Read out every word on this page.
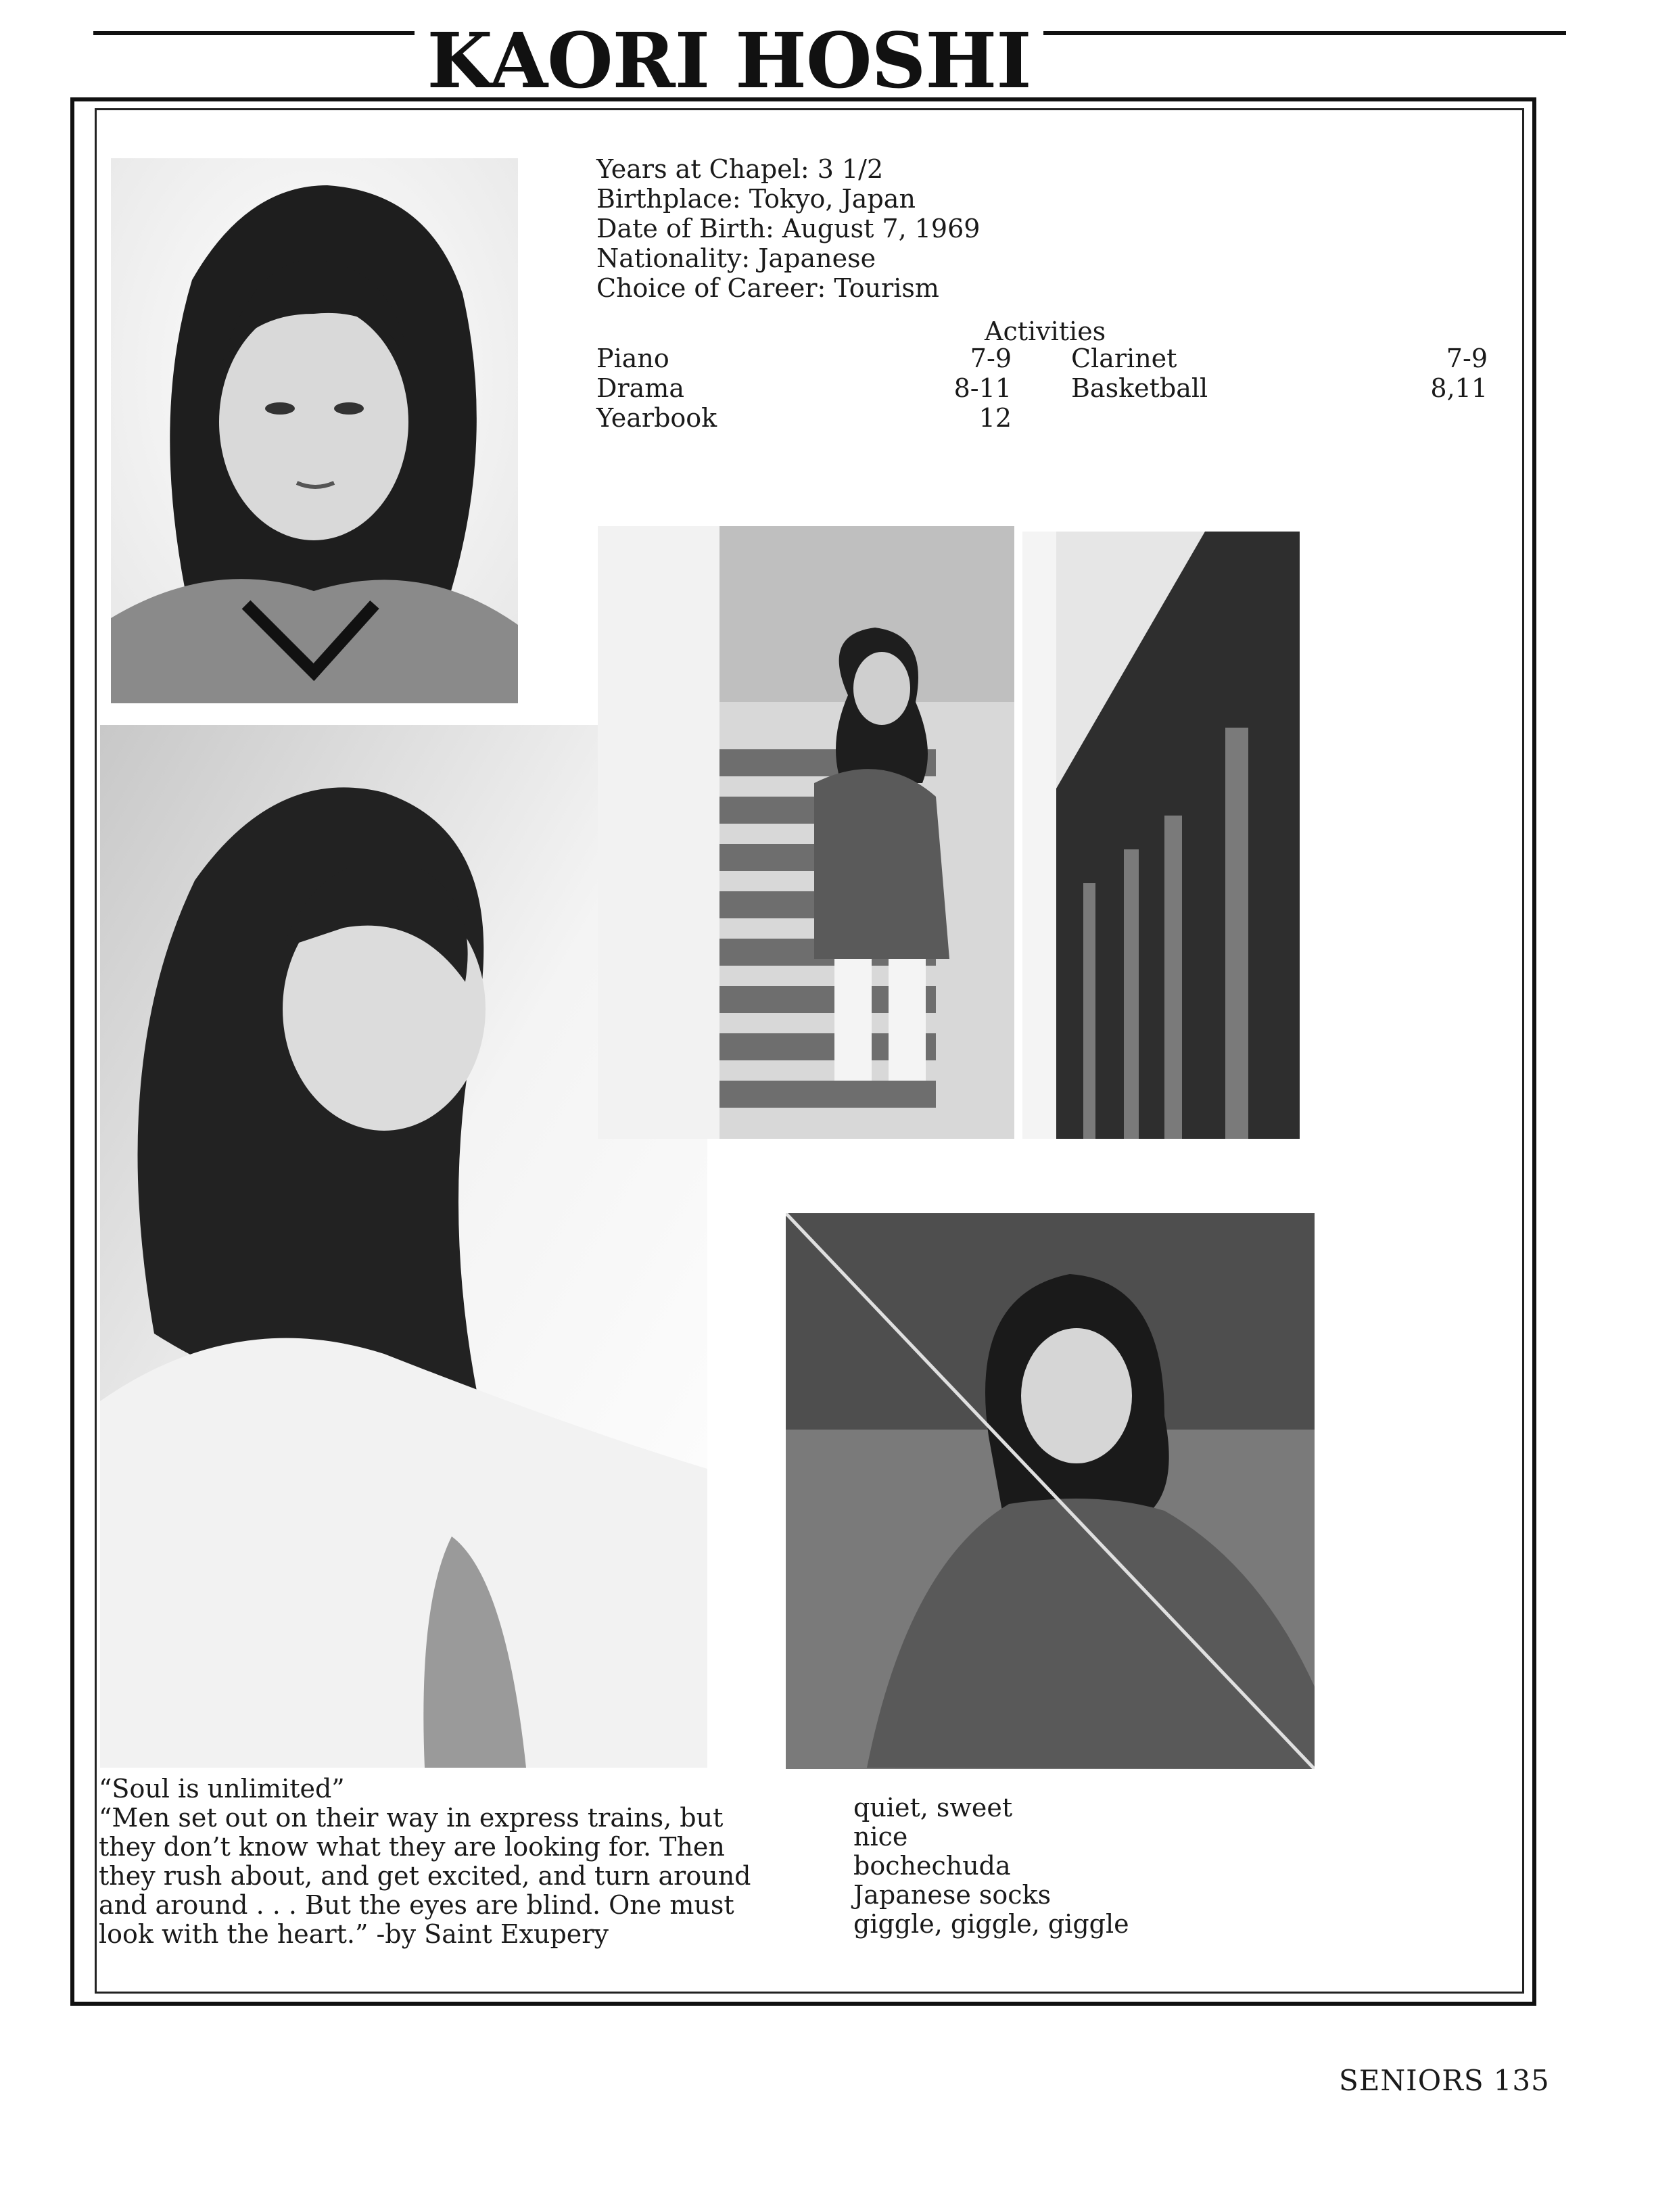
KAORI HOSHI
Years at Chapel: 3 1/2
Birthplace: Tokyo, Japan
Date of Birth: August 7, 1969
Nationality: Japanese
Choice of Career: Tourism
Activities
Piano	7-9
Drama	8-11
Yearbook	12
Clarinet	7-9
Basketball	8,11
“Soul is unlimited”
“Men set out on their way in express trains, but they don’t know what they are looking for. Then they rush about, and get excited, and turn around and around . . . But the eyes are blind. One must look with the heart.” -by Saint Exupery
quiet, sweet
nice
bochechuda
Japanese socks
giggle, giggle, giggle
SENIORS 135
